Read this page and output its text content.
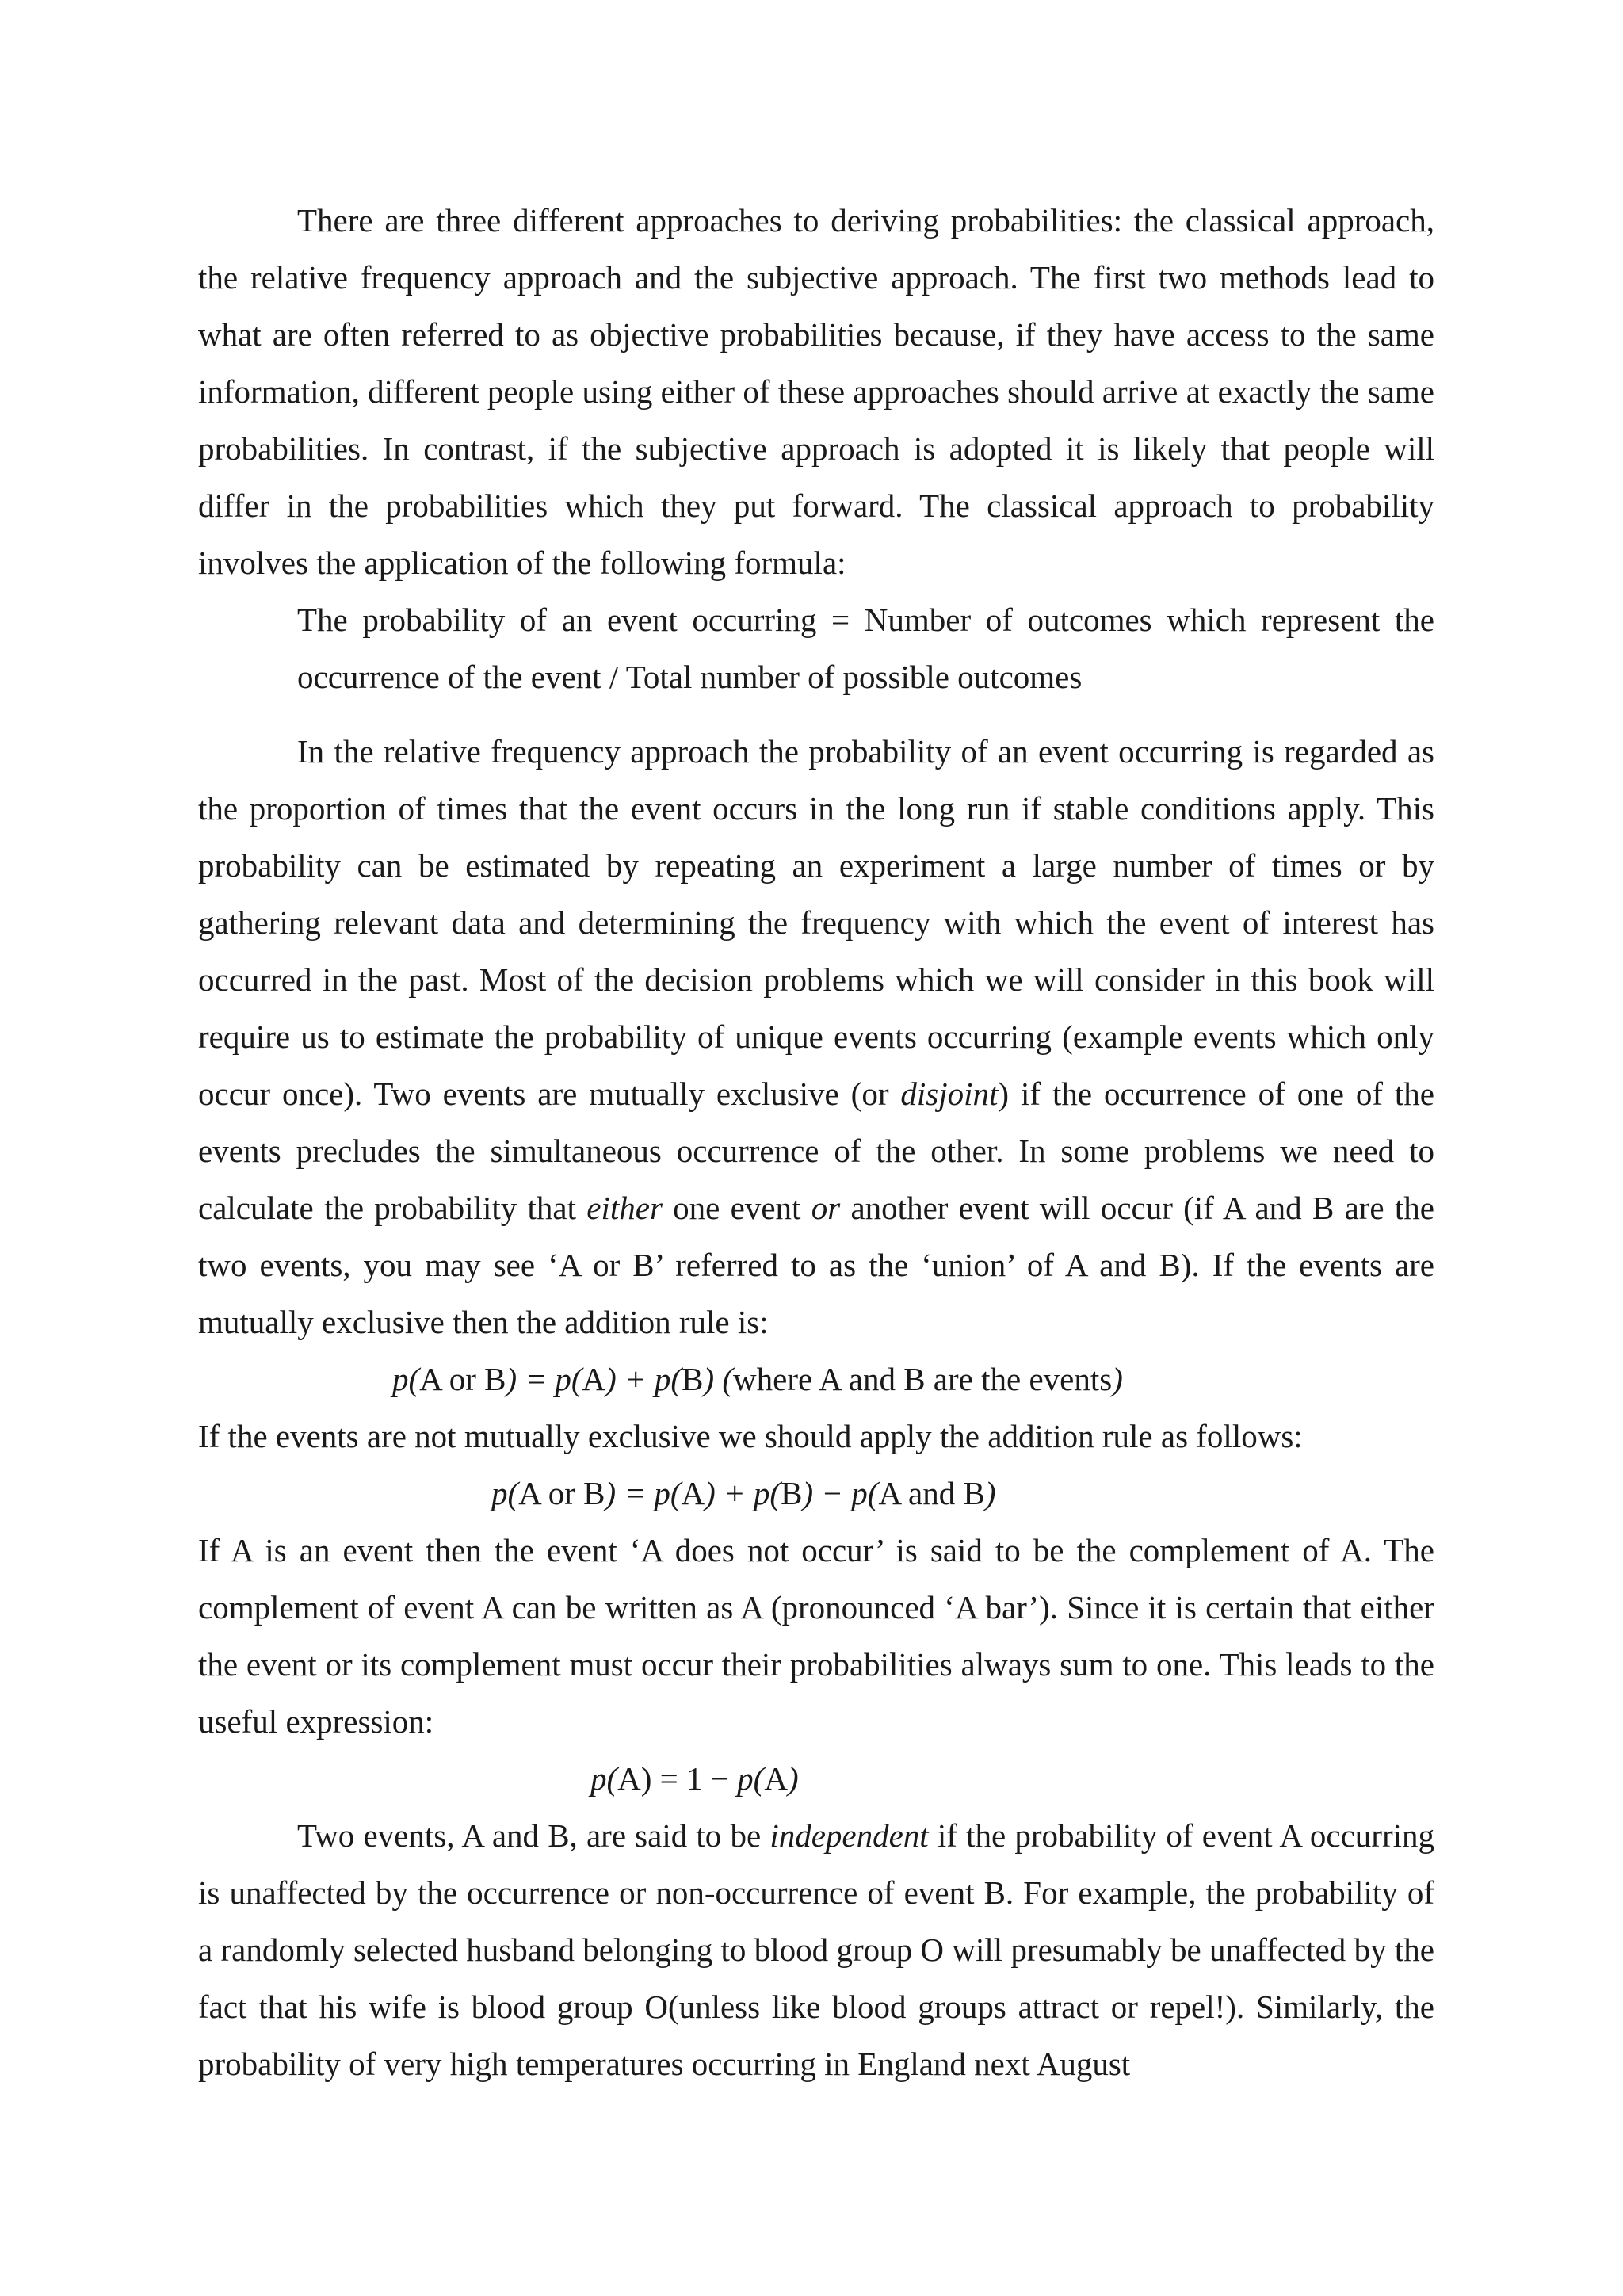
There are three different approaches to deriving probabilities: the classical approach, the relative frequency approach and the subjective approach. The first two methods lead to what are often referred to as objective probabilities because, if they have access to the same information, different people using either of these approaches should arrive at exactly the same probabilities. In contrast, if the subjective approach is adopted it is likely that people will differ in the probabilities which they put forward. The classical approach to probability involves the application of the following formula:

The probability of an event occurring = Number of outcomes which represent the occurrence of the event / Total number of possible outcomes

In the relative frequency approach the probability of an event occurring is regarded as the proportion of times that the event occurs in the long run if stable conditions apply. This probability can be estimated by repeating an experiment a large number of times or by gathering relevant data and determining the frequency with which the event of interest has occurred in the past. Most of the decision problems which we will consider in this book will require us to estimate the probability of unique events occurring (example events which only occur once). Two events are mutually exclusive (or disjoint) if the occurrence of one of the events precludes the simultaneous occurrence of the other. In some problems we need to calculate the probability that either one event or another event will occur (if A and B are the two events, you may see ‘A or B’ referred to as the ‘union’ of A and B). If the events are mutually exclusive then the addition rule is:

p(A or B) = p(A) + p(B) (where A and B are the events)

If the events are not mutually exclusive we should apply the addition rule as follows:

p(A or B) = p(A) + p(B) − p(A and B)

If A is an event then the event ‘A does not occur’ is said to be the complement of A. The complement of event A can be written as A (pronounced ‘A bar’). Since it is certain that either the event or its complement must occur their probabilities always sum to one. This leads to the useful expression:

p(A) = 1 − p(A)

Two events, A and B, are said to be independent if the probability of event A occurring is unaffected by the occurrence or non-occurrence of event B. For example, the probability of a randomly selected husband belonging to blood group O will presumably be unaffected by the fact that his wife is blood group O(unless like blood groups attract or repel!). Similarly, the probability of very high temperatures occurring in England next August
